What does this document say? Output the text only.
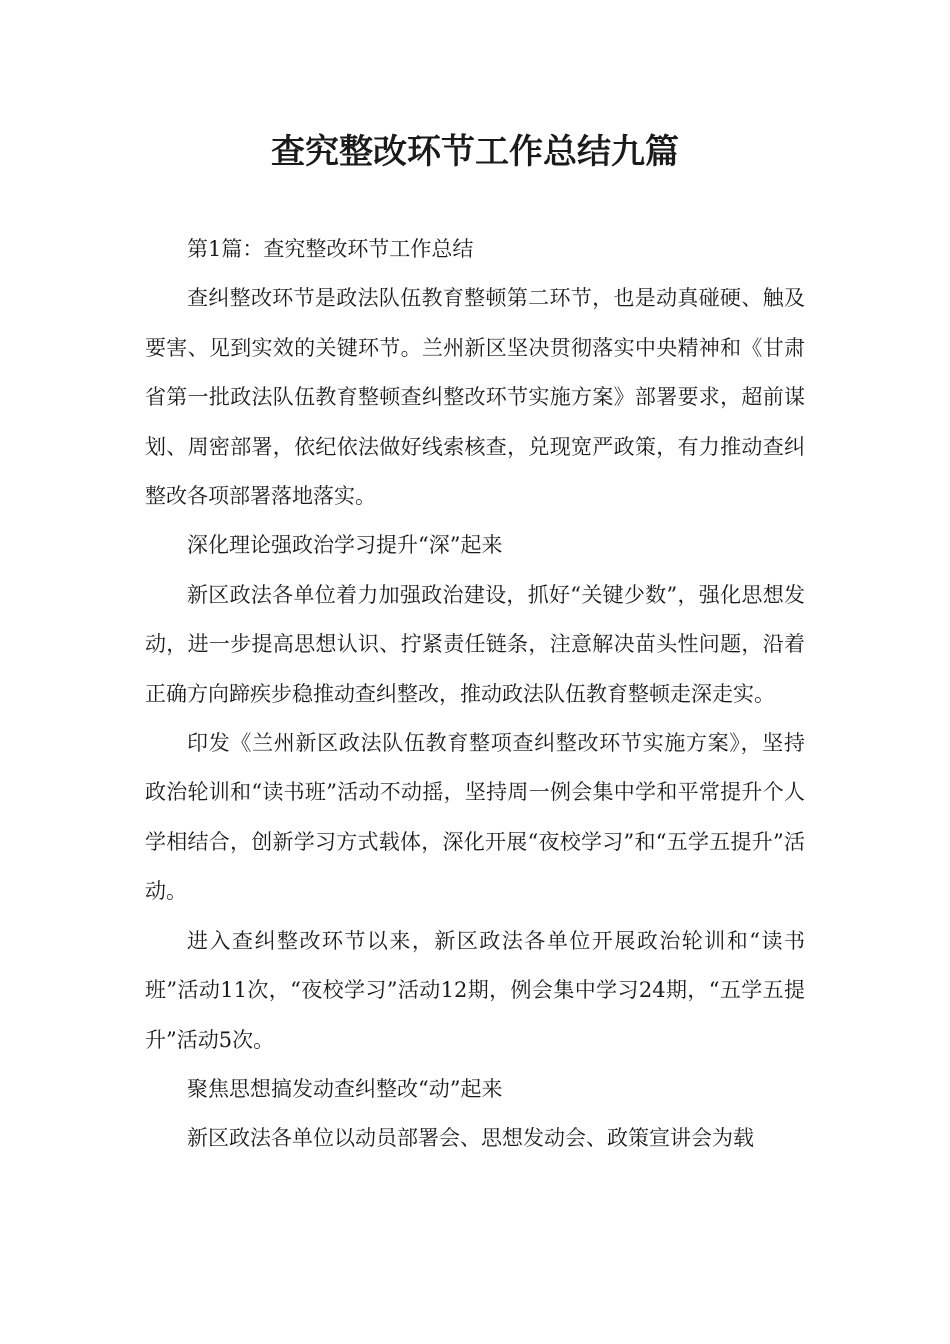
查究整改环节工作总结九篇

第1篇：查究整改环节工作总结

查纠整改环节是政法队伍教育整顿第二环节，也是动真碰硬、触及要害、见到实效的关键环节。兰州新区坚决贯彻落实中央精神和《甘肃省第一批政法队伍教育整顿查纠整改环节实施方案》部署要求，超前谋划、周密部署，依纪依法做好线索核查，兑现宽严政策，有力推动查纠整改各项部署落地落实。

深化理论强政治学习提升“深”起来

新区政法各单位着力加强政治建设，抓好“关键少数”，强化思想发动，进一步提高思想认识、拧紧责任链条，注意解决苗头性问题，沿着正确方向蹄疾步稳推动查纠整改，推动政法队伍教育整顿走深走实。

印发《兰州新区政法队伍教育整项查纠整改环节实施方案》，坚持政治轮训和“读书班”活动不动摇，坚持周一例会集中学和平常提升个人学相结合，创新学习方式载体，深化开展“夜校学习”和“五学五提升”活动。

进入查纠整改环节以来，新区政法各单位开展政治轮训和“读书班”活动11次，“夜校学习”活动12期，例会集中学习24期，“五学五提升”活动5次。

聚焦思想搞发动查纠整改“动”起来

新区政法各单位以动员部署会、思想发动会、政策宣讲会为载
